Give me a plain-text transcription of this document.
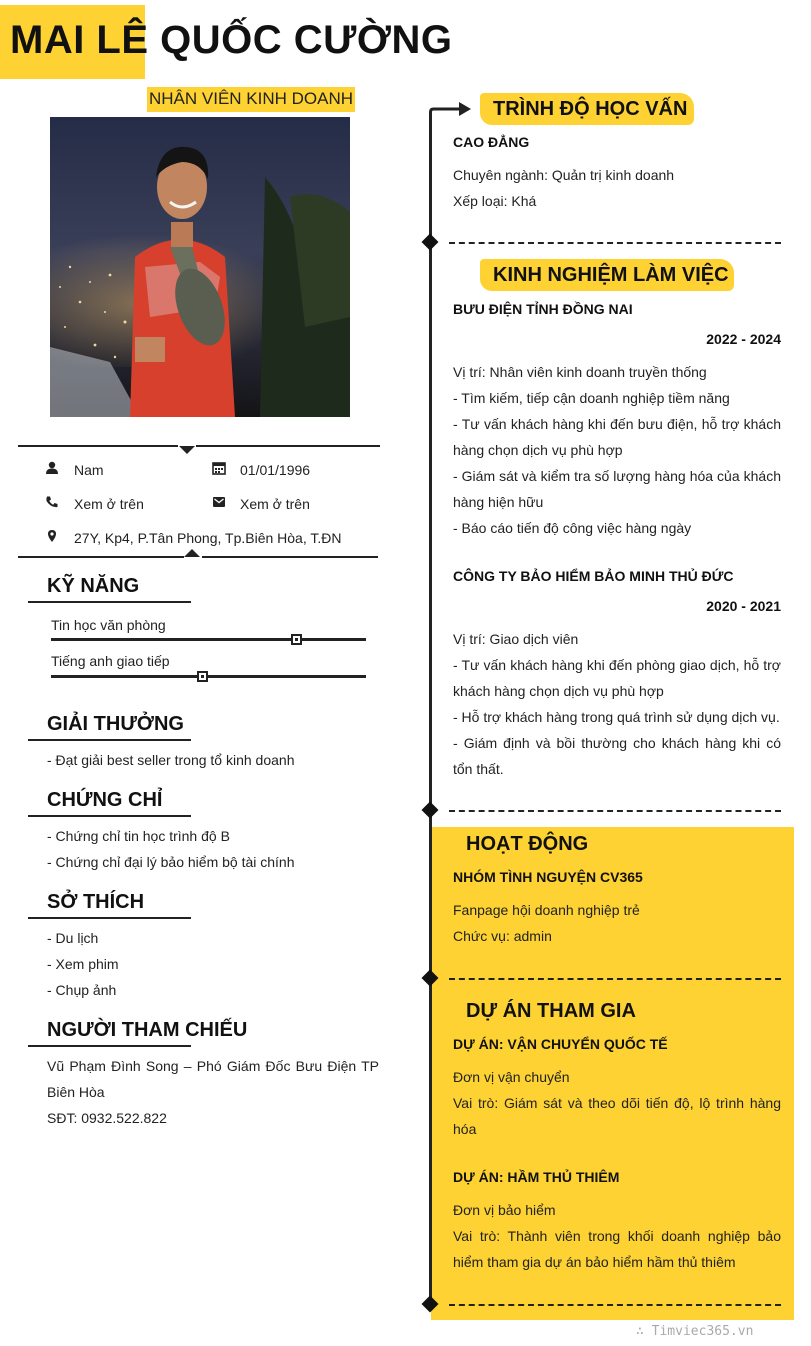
MAI LÊ QUỐC CƯỜNG
NHÂN VIÊN KINH DOANH
Nam	01/01/1996
Xem ở trên	Xem ở trên
27Y, Kp4, P.Tân Phong, Tp.Biên Hòa, T.ĐN
KỸ NĂNG
Tin học văn phòng
Tiếng anh giao tiếp
GIẢI THƯỞNG
- Đạt giải best seller trong tổ kinh doanh
CHỨNG CHỈ
- Chứng chỉ tin học trình độ B
- Chứng chỉ đại lý bảo hiểm bộ tài chính
SỞ THÍCH
- Du lịch
- Xem phim
- Chụp ảnh
NGƯỜI THAM CHIẾU
Vũ Phạm Đình Song – Phó Giám Đốc Bưu Điện TP Biên Hòa
SĐT: 0932.522.822
TRÌNH ĐỘ HỌC VẤN
CAO ĐẲNG
Chuyên ngành: Quản trị kinh doanh
Xếp loại: Khá
KINH NGHIỆM LÀM VIỆC
BƯU ĐIỆN TỈNH ĐỒNG NAI
2022 - 2024
Vị trí: Nhân viên kinh doanh truyền thống
- Tìm kiếm, tiếp cận doanh nghiệp tiềm năng
- Tư vấn khách hàng khi đến bưu điện, hỗ trợ khách hàng chọn dịch vụ phù hợp
- Giám sát và kiểm tra số lượng hàng hóa của khách hàng hiện hữu
- Báo cáo tiến độ công việc hàng ngày
CÔNG TY BẢO HIỂM BẢO MINH THỦ ĐỨC
2020 - 2021
Vị trí: Giao dịch viên
- Tư vấn khách hàng khi đến phòng giao dịch, hỗ trợ khách hàng chọn dịch vụ phù hợp
- Hỗ trợ khách hàng trong quá trình sử dụng dịch vụ.
- Giám định và bồi thường cho khách hàng khi có tổn thất.
HOẠT ĐỘNG
NHÓM TÌNH NGUYỆN CV365
Fanpage hội doanh nghiệp trẻ
Chức vụ: admin
DỰ ÁN THAM GIA
DỰ ÁN: VẬN CHUYỂN QUỐC TẾ
Đơn vị vận chuyển
Vai trò: Giám sát và theo dõi tiến độ, lộ trình hàng hóa
DỰ ÁN: HẦM THỦ THIÊM
Đơn vị bảo hiểm
Vai trò: Thành viên trong khối doanh nghiệp bảo hiểm tham gia dự án bảo hiểm hầm thủ thiêm
∴ Timviec365.vn
